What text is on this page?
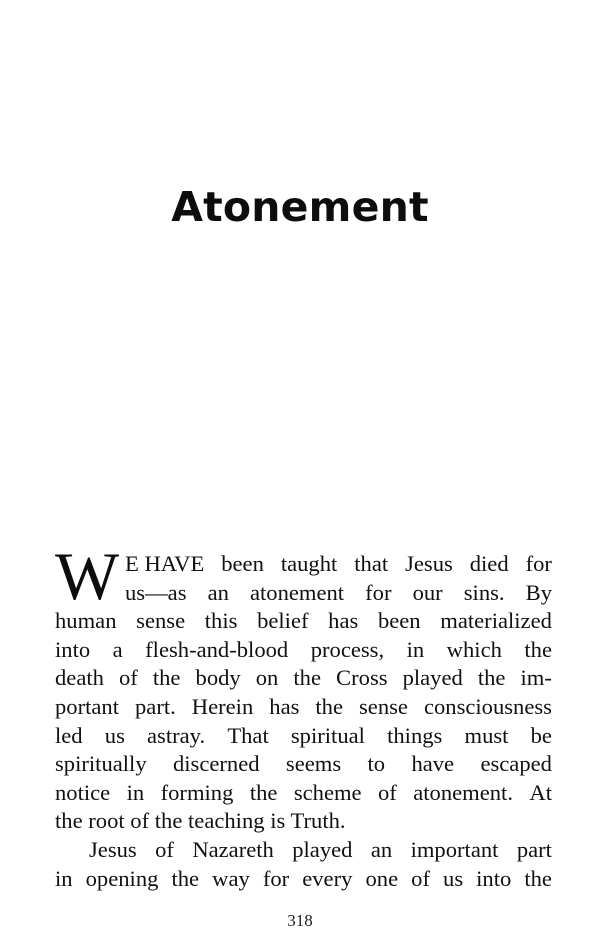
Atonement
W E HAVE been taught that Jesus died for
us—as an atonement for our sins. By
human sense this belief has been materialized
into a flesh-and-blood process, in which the
death of the body on the Cross played the im-
portant part. Herein has the sense consciousness
led us astray. That spiritual things must be
spiritually discerned seems to have escaped
notice in forming the scheme of atonement. At
the root of the teaching is Truth.
Jesus of Nazareth played an important part
in opening the way for every one of us into the
318
